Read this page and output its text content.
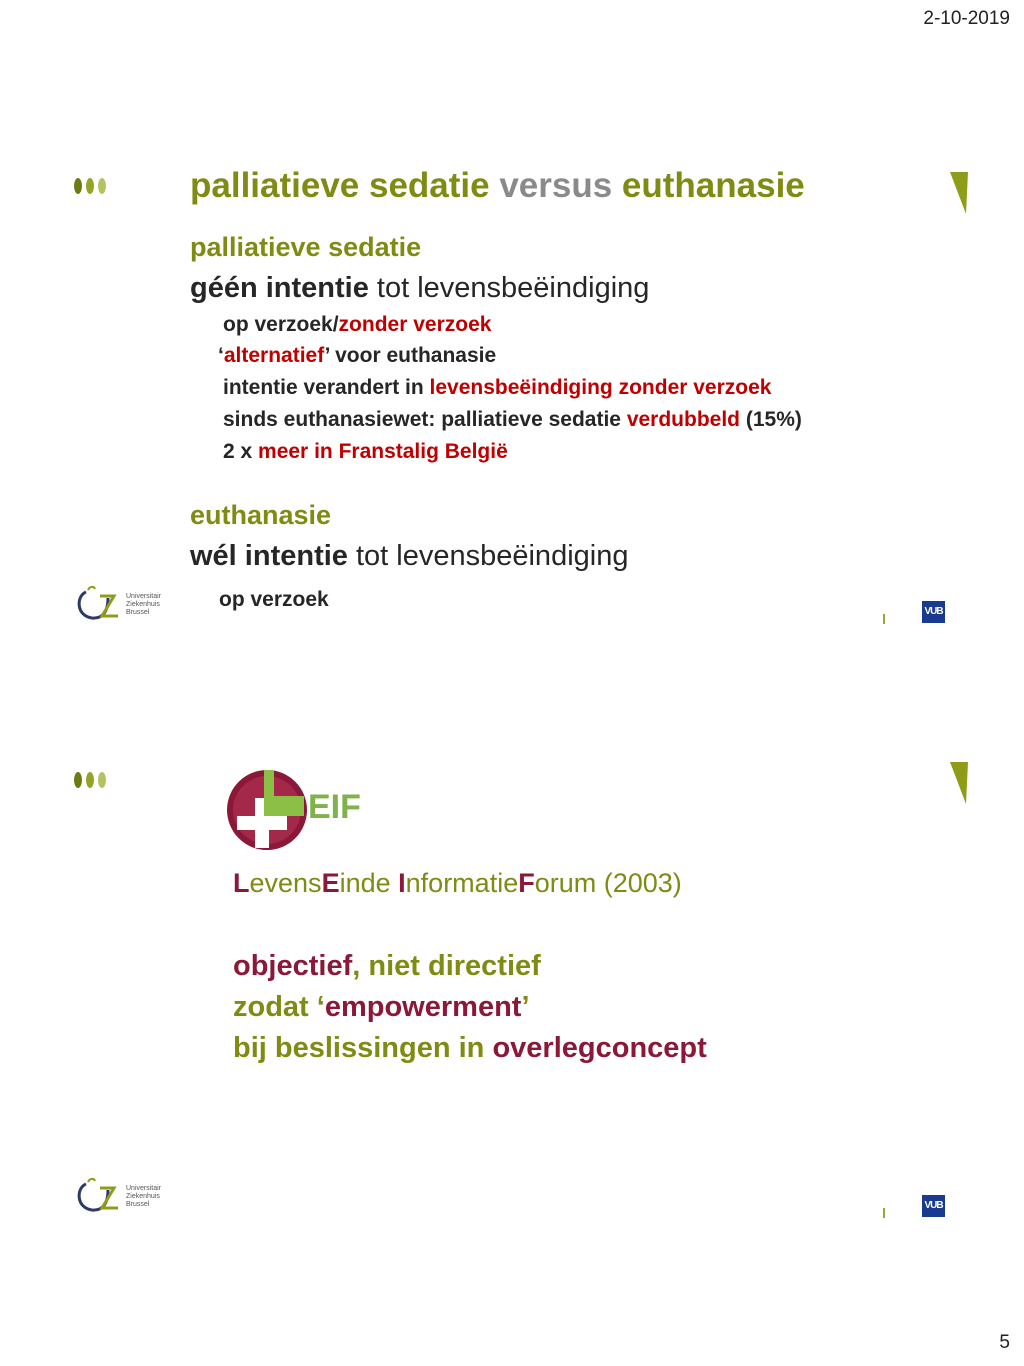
2-10-2019
palliatieve sedatie versus euthanasie
palliatieve sedatie
géén intentie tot levensbeëindiging
op verzoek/zonder verzoek
‘alternatief’ voor euthanasie
intentie verandert in levensbeëindiging zonder verzoek
sinds euthanasiewet: palliatieve sedatie verdubbeld (15%)
2 x meer in Franstalig België
euthanasie
wél intentie tot levensbeëindiging
op verzoek
Universitair
Ziekenhuis
Brussel	VUB
EIF
LevensEinde InformatieForum (2003)
objectief, niet directief
zodat ‘empowerment’
bij beslissingen in overlegconcept
Universitair
Ziekenhuis
Brussel	VUB
5
